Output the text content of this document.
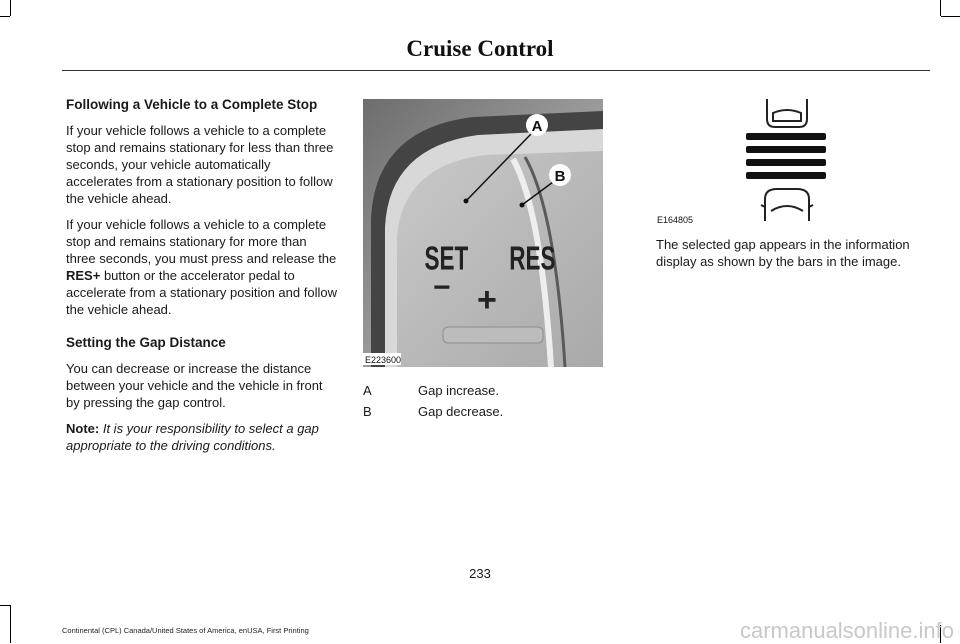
Cruise Control
Following a Vehicle to a Complete Stop

If your vehicle follows a vehicle to a complete stop and remains stationary for less than three seconds, your vehicle automatically accelerates from a stationary position to follow the vehicle ahead.

If your vehicle follows a vehicle to a complete stop and remains stationary for more than three seconds, you must press and release the RES+ button or the accelerator pedal to accelerate from a stationary position and follow the vehicle ahead.

Setting the Gap Distance

You can decrease or increase the distance between your vehicle and the vehicle in front by pressing the gap control.

Note: It is your responsibility to select a gap appropriate to the driving conditions.

SET RES
− +
A
B
E223600
A	Gap increase.
B	Gap decrease.
E164805
The selected gap appears in the information display as shown by the bars in the image.
233
Continental (CPL) Canada/United States of America, enUSA, First Printing	carmanualsonline.info
